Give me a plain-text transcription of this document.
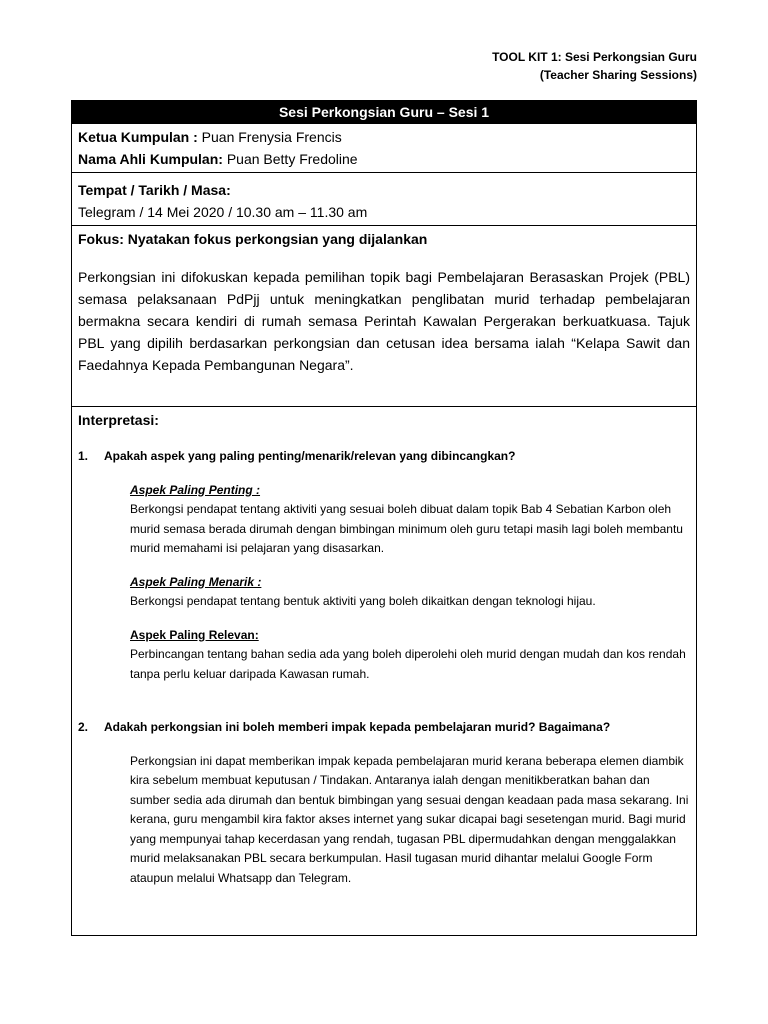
TOOL KIT 1: Sesi Perkongsian Guru
(Teacher Sharing Sessions)
Sesi Perkongsian Guru – Sesi 1
Ketua Kumpulan : Puan Frenysia Frencis
Nama Ahli Kumpulan: Puan Betty Fredoline
Tempat / Tarikh / Masa:
Telegram / 14 Mei 2020 / 10.30 am – 11.30 am
Fokus: Nyatakan fokus perkongsian yang dijalankan
Perkongsian ini difokuskan kepada pemilihan topik bagi Pembelajaran Berasaskan Projek (PBL) semasa pelaksanaan PdPjj untuk meningkatkan penglibatan murid terhadap pembelajaran bermakna secara kendiri di rumah semasa Perintah Kawalan Pergerakan berkuatkuasa. Tajuk PBL yang dipilih berdasarkan perkongsian dan cetusan idea bersama ialah “Kelapa Sawit dan Faedahnya Kepada Pembangunan Negara”.
Interpretasi:
1.	Apakah aspek yang paling penting/menarik/relevan yang dibincangkan?
Aspek Paling Penting :
Berkongsi pendapat tentang aktiviti yang sesuai boleh dibuat dalam topik Bab 4 Sebatian Karbon oleh murid semasa berada dirumah dengan bimbingan minimum oleh guru tetapi masih lagi boleh membantu murid memahami isi pelajaran yang disasarkan.
Aspek Paling Menarik :
Berkongsi pendapat tentang bentuk aktiviti yang boleh dikaitkan dengan teknologi hijau.
Aspek Paling Relevan:
Perbincangan tentang bahan sedia ada yang boleh diperolehi oleh murid dengan mudah dan kos rendah tanpa perlu keluar daripada Kawasan rumah.
2.	Adakah perkongsian ini boleh memberi impak kepada pembelajaran murid? Bagaimana?
Perkongsian ini dapat memberikan impak kepada pembelajaran murid kerana beberapa elemen diambik kira sebelum membuat keputusan / Tindakan. Antaranya ialah dengan menitikberatkan bahan dan sumber sedia ada dirumah dan bentuk bimbingan yang sesuai dengan keadaan pada masa sekarang. Ini kerana, guru mengambil kira faktor akses internet yang sukar dicapai bagi sesetengan murid. Bagi murid yang mempunyai tahap kecerdasan yang rendah, tugasan PBL dipermudahkan dengan menggalakkan murid melaksanakan PBL secara berkumpulan. Hasil tugasan murid dihantar melalui Google Form ataupun melalui Whatsapp dan Telegram.
